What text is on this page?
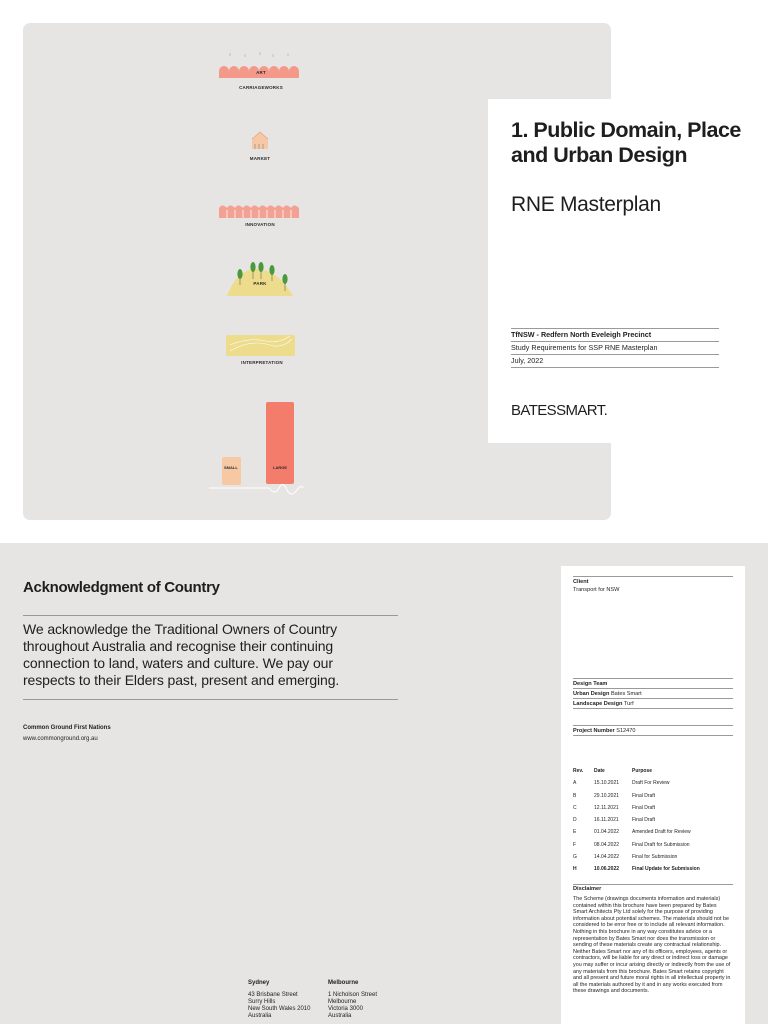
ART
CARRIAGEWORKS
MARKET
INNOVATION
PARK
INTERPRETATION
SMALL	LARGE
1. Public Domain, Place and Urban Design
RNE Masterplan
TfNSW - Redfern North Eveleigh Precinct
Study Requirements for SSP RNE Masterplan
July, 2022
BATESSMART.
Acknowledgment of Country
We acknowledge the Traditional Owners of Country throughout Australia and recognise their continuing connection to land, waters and culture. We pay our respects to their Elders past, present and emerging.
Common Ground First Nations
www.commonground.org.au
Sydney
43 Brisbane Street
Surry Hills
New South Wales 2010
Australia
Melbourne
1 Nicholson Street
Melbourne
Victoria 3000
Australia
Client
Transport for NSW
Design Team
Urban Design Bates Smart
Landscape Design Turf
Project Number S12470
Rev.	Date	Purpose
A	15.10.2021	Draft For Review
B	29.10.2021	Final Draft
C	12.11.2021	Final Draft
D	16.11.2021	Final Draft
E	01.04.2022	Amended Draft for Review
F	08.04.2022	Final Draft for Submission
G	14.04.2022	Final for Submission
H	10.06.2022	Final Update for Submission
Disclaimer
The Scheme (drawings documents information and materials) contained within this brochure have been prepared by Bates Smart Architects Pty Ltd solely for the purpose of providing information about potential schemes. The materials should not be considered to be error free or to include all relevant information. Nothing in this brochure in any way constitutes advice or a representation by Bates Smart nor does the transmission or sending of these materials create any contractual relationship. Neither Bates Smart nor any of its officers, employees, agents or contractors, will be liable for any direct or indirect loss or damage you may suffer or incur arising directly or indirectly from the use of any materials from this brochure. Bates Smart retains copyright and all present and future moral rights in all intellectual property in all the materials authored by it and in any works executed from these drawings and documents.
